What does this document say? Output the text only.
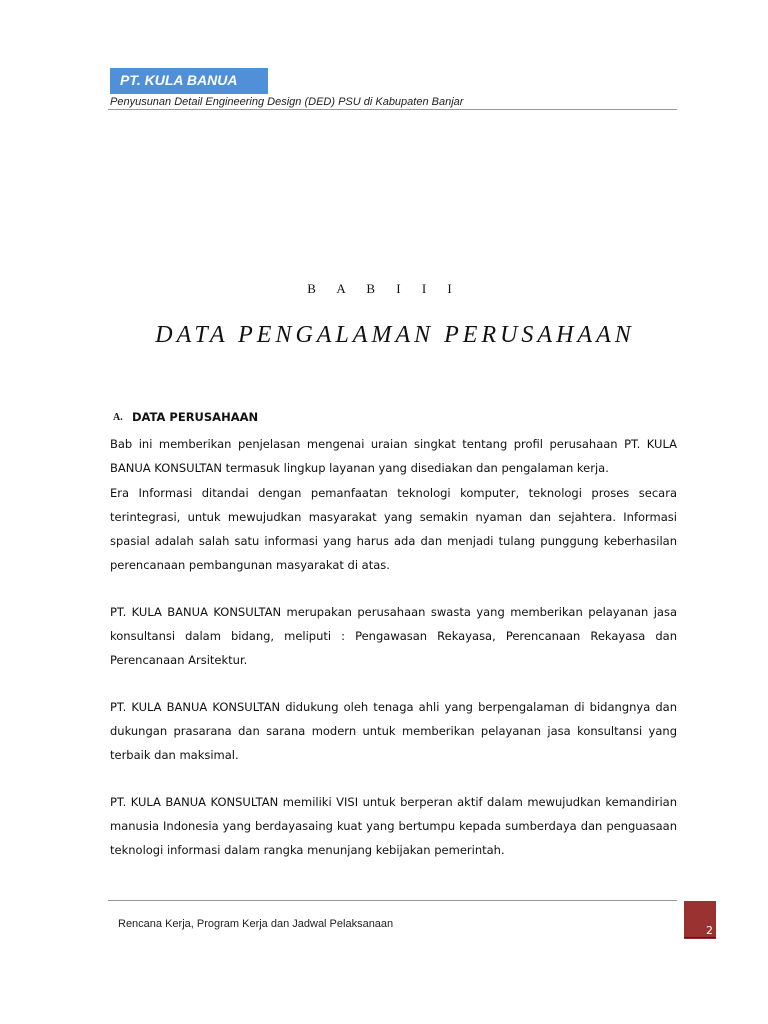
PT. KULA BANUA
Penyusunan Detail Engineering Design (DED) PSU di Kabupaten Banjar
B A B I I I
DATA PENGALAMAN PERUSAHAAN
A. DATA PERUSAHAAN

Bab ini memberikan penjelasan mengenai uraian singkat tentang profil perusahaan PT. KULA BANUA KONSULTAN termasuk lingkup layanan yang disediakan dan pengalaman kerja.

Era Informasi ditandai dengan pemanfaatan teknologi komputer, teknologi proses secara terintegrasi, untuk mewujudkan masyarakat yang semakin nyaman dan sejahtera. Informasi spasial adalah salah satu informasi yang harus ada dan menjadi tulang punggung keberhasilan perencanaan pembangunan masyarakat di atas.

PT. KULA BANUA KONSULTAN merupakan perusahaan swasta yang memberikan pelayanan jasa konsultansi dalam bidang, meliputi : Pengawasan Rekayasa, Perencanaan Rekayasa dan Perencanaan Arsitektur.

PT. KULA BANUA KONSULTAN didukung oleh tenaga ahli yang berpengalaman di bidangnya dan dukungan prasarana dan sarana modern untuk memberikan pelayanan jasa konsultansi yang terbaik dan maksimal.

PT. KULA BANUA KONSULTAN memiliki VISI untuk berperan aktif dalam mewujudkan kemandirian manusia Indonesia yang berdayasaing kuat yang bertumpu kepada sumberdaya dan penguasaan teknologi informasi dalam rangka menunjang kebijakan pemerintah.

Rencana Kerja, Program Kerja dan Jadwal Pelaksanaan	2
